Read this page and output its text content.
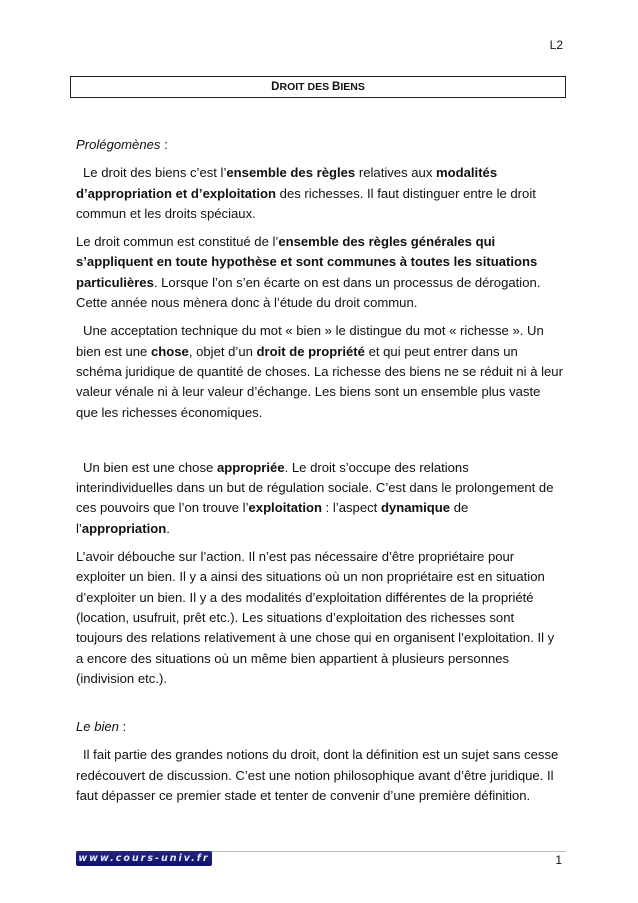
L2
DROIT DES BIENS

Prolégomènes :

Le droit des biens c’est l’ensemble des règles relatives aux modalités d’appropriation et d’exploitation des richesses. Il faut distinguer entre le droit commun et les droits spéciaux.

Le droit commun est constitué de l’ensemble des règles générales qui s’appliquent en toute hypothèse et sont communes à toutes les situations particulières. Lorsque l’on s’en écarte on est dans un processus de dérogation. Cette année nous mènera donc à l’étude du droit commun.

Une acceptation technique du mot « bien » le distingue du mot « richesse ». Un bien est une chose, objet d’un droit de propriété et qui peut entrer dans un schéma juridique de quantité de choses. La richesse des biens ne se réduit ni à leur valeur vénale ni à leur valeur d’échange. Les biens sont un ensemble plus vaste que les richesses économiques.

Un bien est une chose appropriée. Le droit s’occupe des relations interindividuelles dans un but de régulation sociale. C’est dans le prolongement de ces pouvoirs que l’on trouve l’exploitation : l’aspect dynamique de l’appropriation.

L’avoir débouche sur l’action. Il n’est pas nécessaire d’être propriétaire pour exploiter un bien. Il y a ainsi des situations où un non propriétaire est en situation d’exploiter un bien. Il y a des modalités d’exploitation différentes de la propriété (location, usufruit, prêt etc.). Les situations d’exploitation des richesses sont toujours des relations relativement à une chose qui en organisent l’exploitation. Il y a encore des situations où un même bien appartient à plusieurs personnes (indivision etc.).

Le bien :

Il fait partie des grandes notions du droit, dont la définition est un sujet sans cesse redécouvert de discussion. C’est une notion philosophique avant d’être juridique. Il faut dépasser ce premier stade et tenter de convenir d’une première définition.

www.cours-univ.fr	1
